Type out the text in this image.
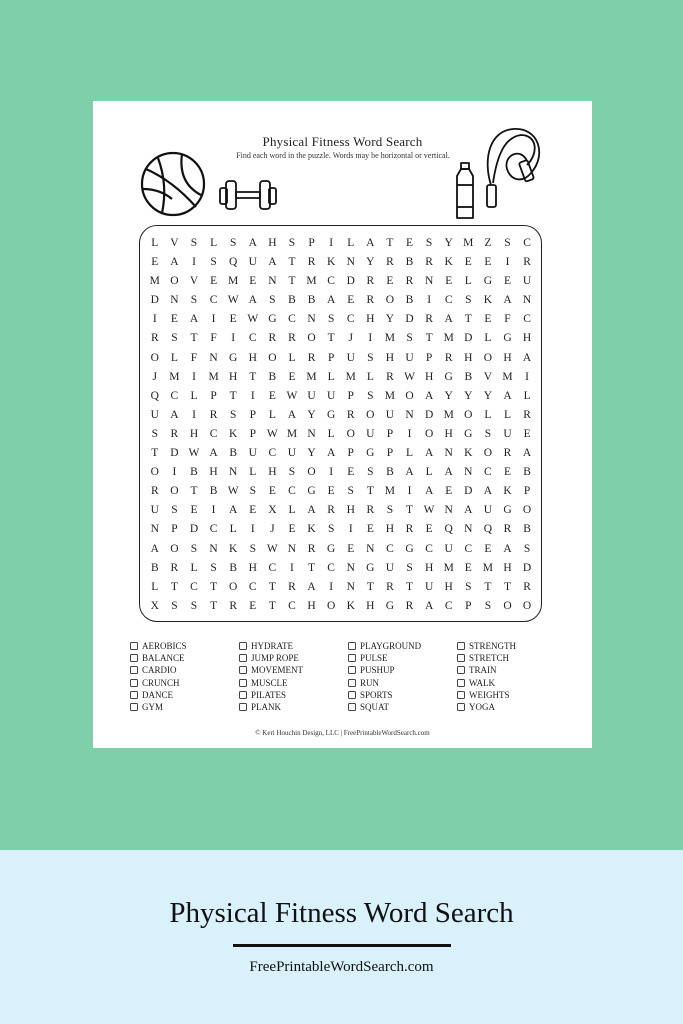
Physical Fitness Word Search
Find each word in the puzzle. Words may be horizontal or vertical.
L	V	S	L	S	A H	S	P	I	L	A	T	E	S	Y M Z	S	C
E	A	I	S	Q U A	T	R	K N Y	R	B	R	K	E	E	I	R
M O V	E M E	N	T M C	D	R	E	R	N	E	L	G	E	U
D N	S	C W A	S	B	B	A	E	R	O	B	I	C	S	K A N
I	E	A	I	E W G	C	N	S	C	H Y D	R	A	T	E	F	C
R	S	T	F	I	C	R	R	O	T	J	I	M S	T M D	L	G H
O	L	F	N G H O	L	R	P	U	S	H U	P	R	H O H A
J	M	I	M H	T	B	E M L M L	R W H G	B	V M	I
Q	C	L	P	T	I	E W U U	P	S M O A Y Y Y A	L
U A	I	R	S	P	L	A Y G	R	O U N D M O	L	L	R
S	R	H	C	K	P W M N	L	O U	P	I	O H G	S	U	E
T	D W A	B	U	C	U Y A	P	G	P	L	A N K O	R	A
O	I	B	H N	L	H	S	O	I	E	S	B	A	L	A N	C	E	B
R	O	T	B W S	E	C	G	E	S	T M	I	A	E	D A K	P
U	S	E	I	A	E	X	L	A	R	H	R	S	T W N A U G O
N	P	D	C	L	I	J	E	K	S	I	E	H	R	E	Q N Q	R	B
A O	S	N K	S W N	R	G	E	N	C	G	C	U	C	E	A	S
B	R	L	S	B	H	C	I	T	C	N G U	S	H M E M H D
L	T	C	T	O	C	T	R	A	I	N	T	R	T	U H	S	T	T	R
X	S	S	T	R	E	T	C	H O K H G	R	A	C	P	S	O O
AEROBICS
BALANCE
CARDIO
CRUNCH
DANCE
GYM
HYDRATE
JUMP ROPE
MOVEMENT
MUSCLE
PILATES
PLANK
PLAYGROUND
PULSE
PUSHUP
RUN
SPORTS
SQUAT
STRENGTH
STRETCH
TRAIN
WALK
WEIGHTS
YOGA
© Keri Houchin Design, LLC | FreePrintableWordSearch.com
Physical Fitness Word Search
FreePrintableWordSearch.com
